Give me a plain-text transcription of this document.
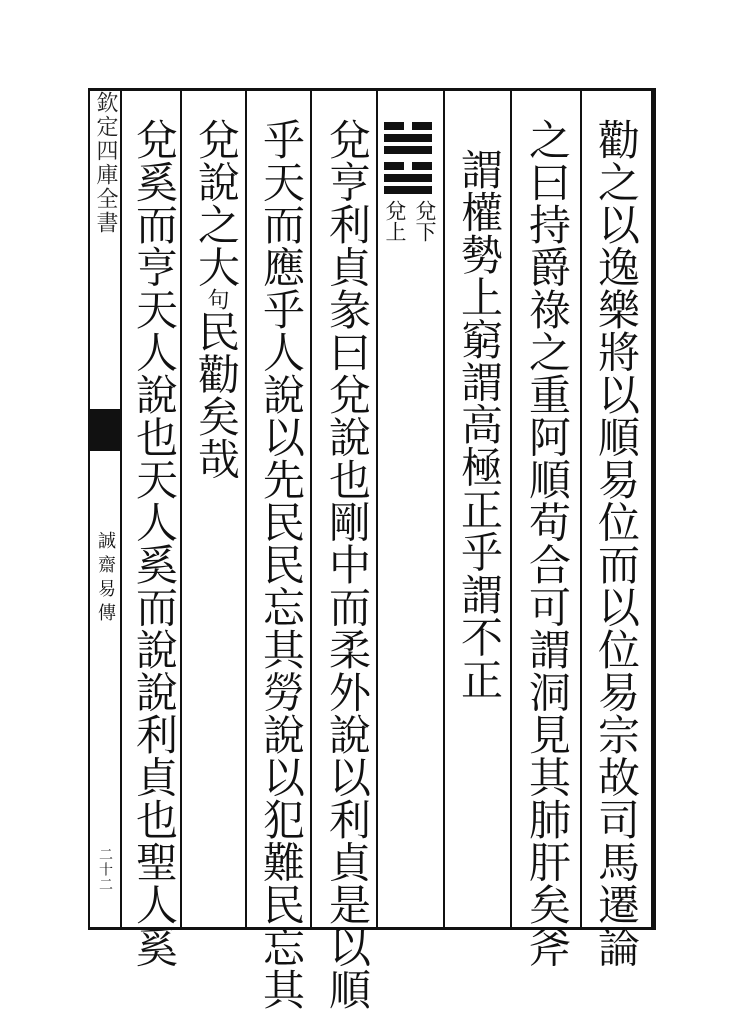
欽定四庫全書
誠齋易傳
二十二	勸之以逸樂將以順易位而以位易宗故司馬遷論
之曰持爵祿之重阿順苟合可謂洞見其肺肝矣斧
謂權勢上窮謂高極正乎謂不正
兌下
兌上
兌亨利貞彖曰兌說也剛中而柔外說以利貞是以順
乎天而應乎人說以先民民忘其勞說以犯難民忘其
兌說之大句民勸矣哉
兌奚而亨天人說也天人奚而說說利貞也聖人奚
